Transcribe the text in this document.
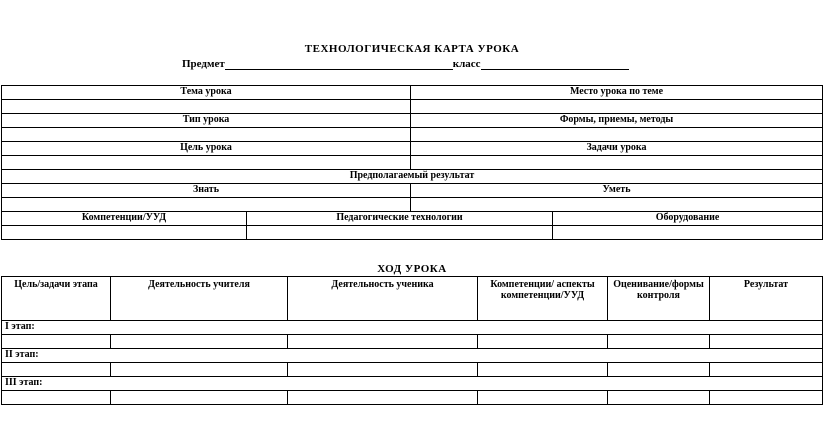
ТЕХНОЛОГИЧЕСКАЯ КАРТА УРОКА
Предмет	класс
Тема урока		Место урока по теме	

Тип урока		Формы, приемы, методы	

Цель урока		Задачи урока	

Предполагаемый результат			
Знать		Уметь	

Компетенции/УУД	Педагогические технологии		Оборудование

ХОД УРОКА
Цель/задачи этапа	Деятельность учителя	Деятельность ученика	Компетенции/ аспекты компетенции/УУД	Оценивание/формы контроля	Результат
I этап:					

II этап:					

III этап:					
